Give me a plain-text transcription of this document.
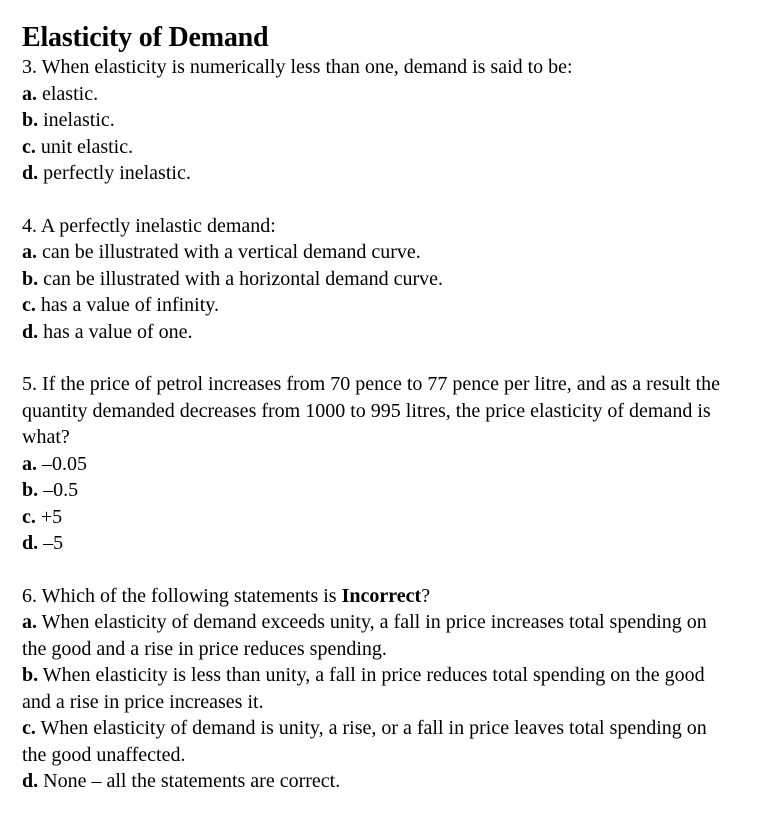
Elasticity of Demand

3. When elasticity is numerically less than one, demand is said to be:

a. elastic.

b. inelastic.

c. unit elastic.

d. perfectly inelastic.

4. A perfectly inelastic demand:

a. can be illustrated with a vertical demand curve.

b. can be illustrated with a horizontal demand curve.

c. has a value of infinity.

d. has a value of one.

5. If the price of petrol increases from 70 pence to 77 pence per litre, and as a result the quantity demanded decreases from 1000 to 995 litres, the price elasticity of demand is what?

a. –0.05

b. –0.5

c. +5

d. –5

6. Which of the following statements is Incorrect?

a. When elasticity of demand exceeds unity, a fall in price increases total spending on the good and a rise in price reduces spending.

b. When elasticity is less than unity, a fall in price reduces total spending on the good and a rise in price increases it.

c. When elasticity of demand is unity, a rise, or a fall in price leaves total spending on the good unaffected.

d. None – all the statements are correct.
